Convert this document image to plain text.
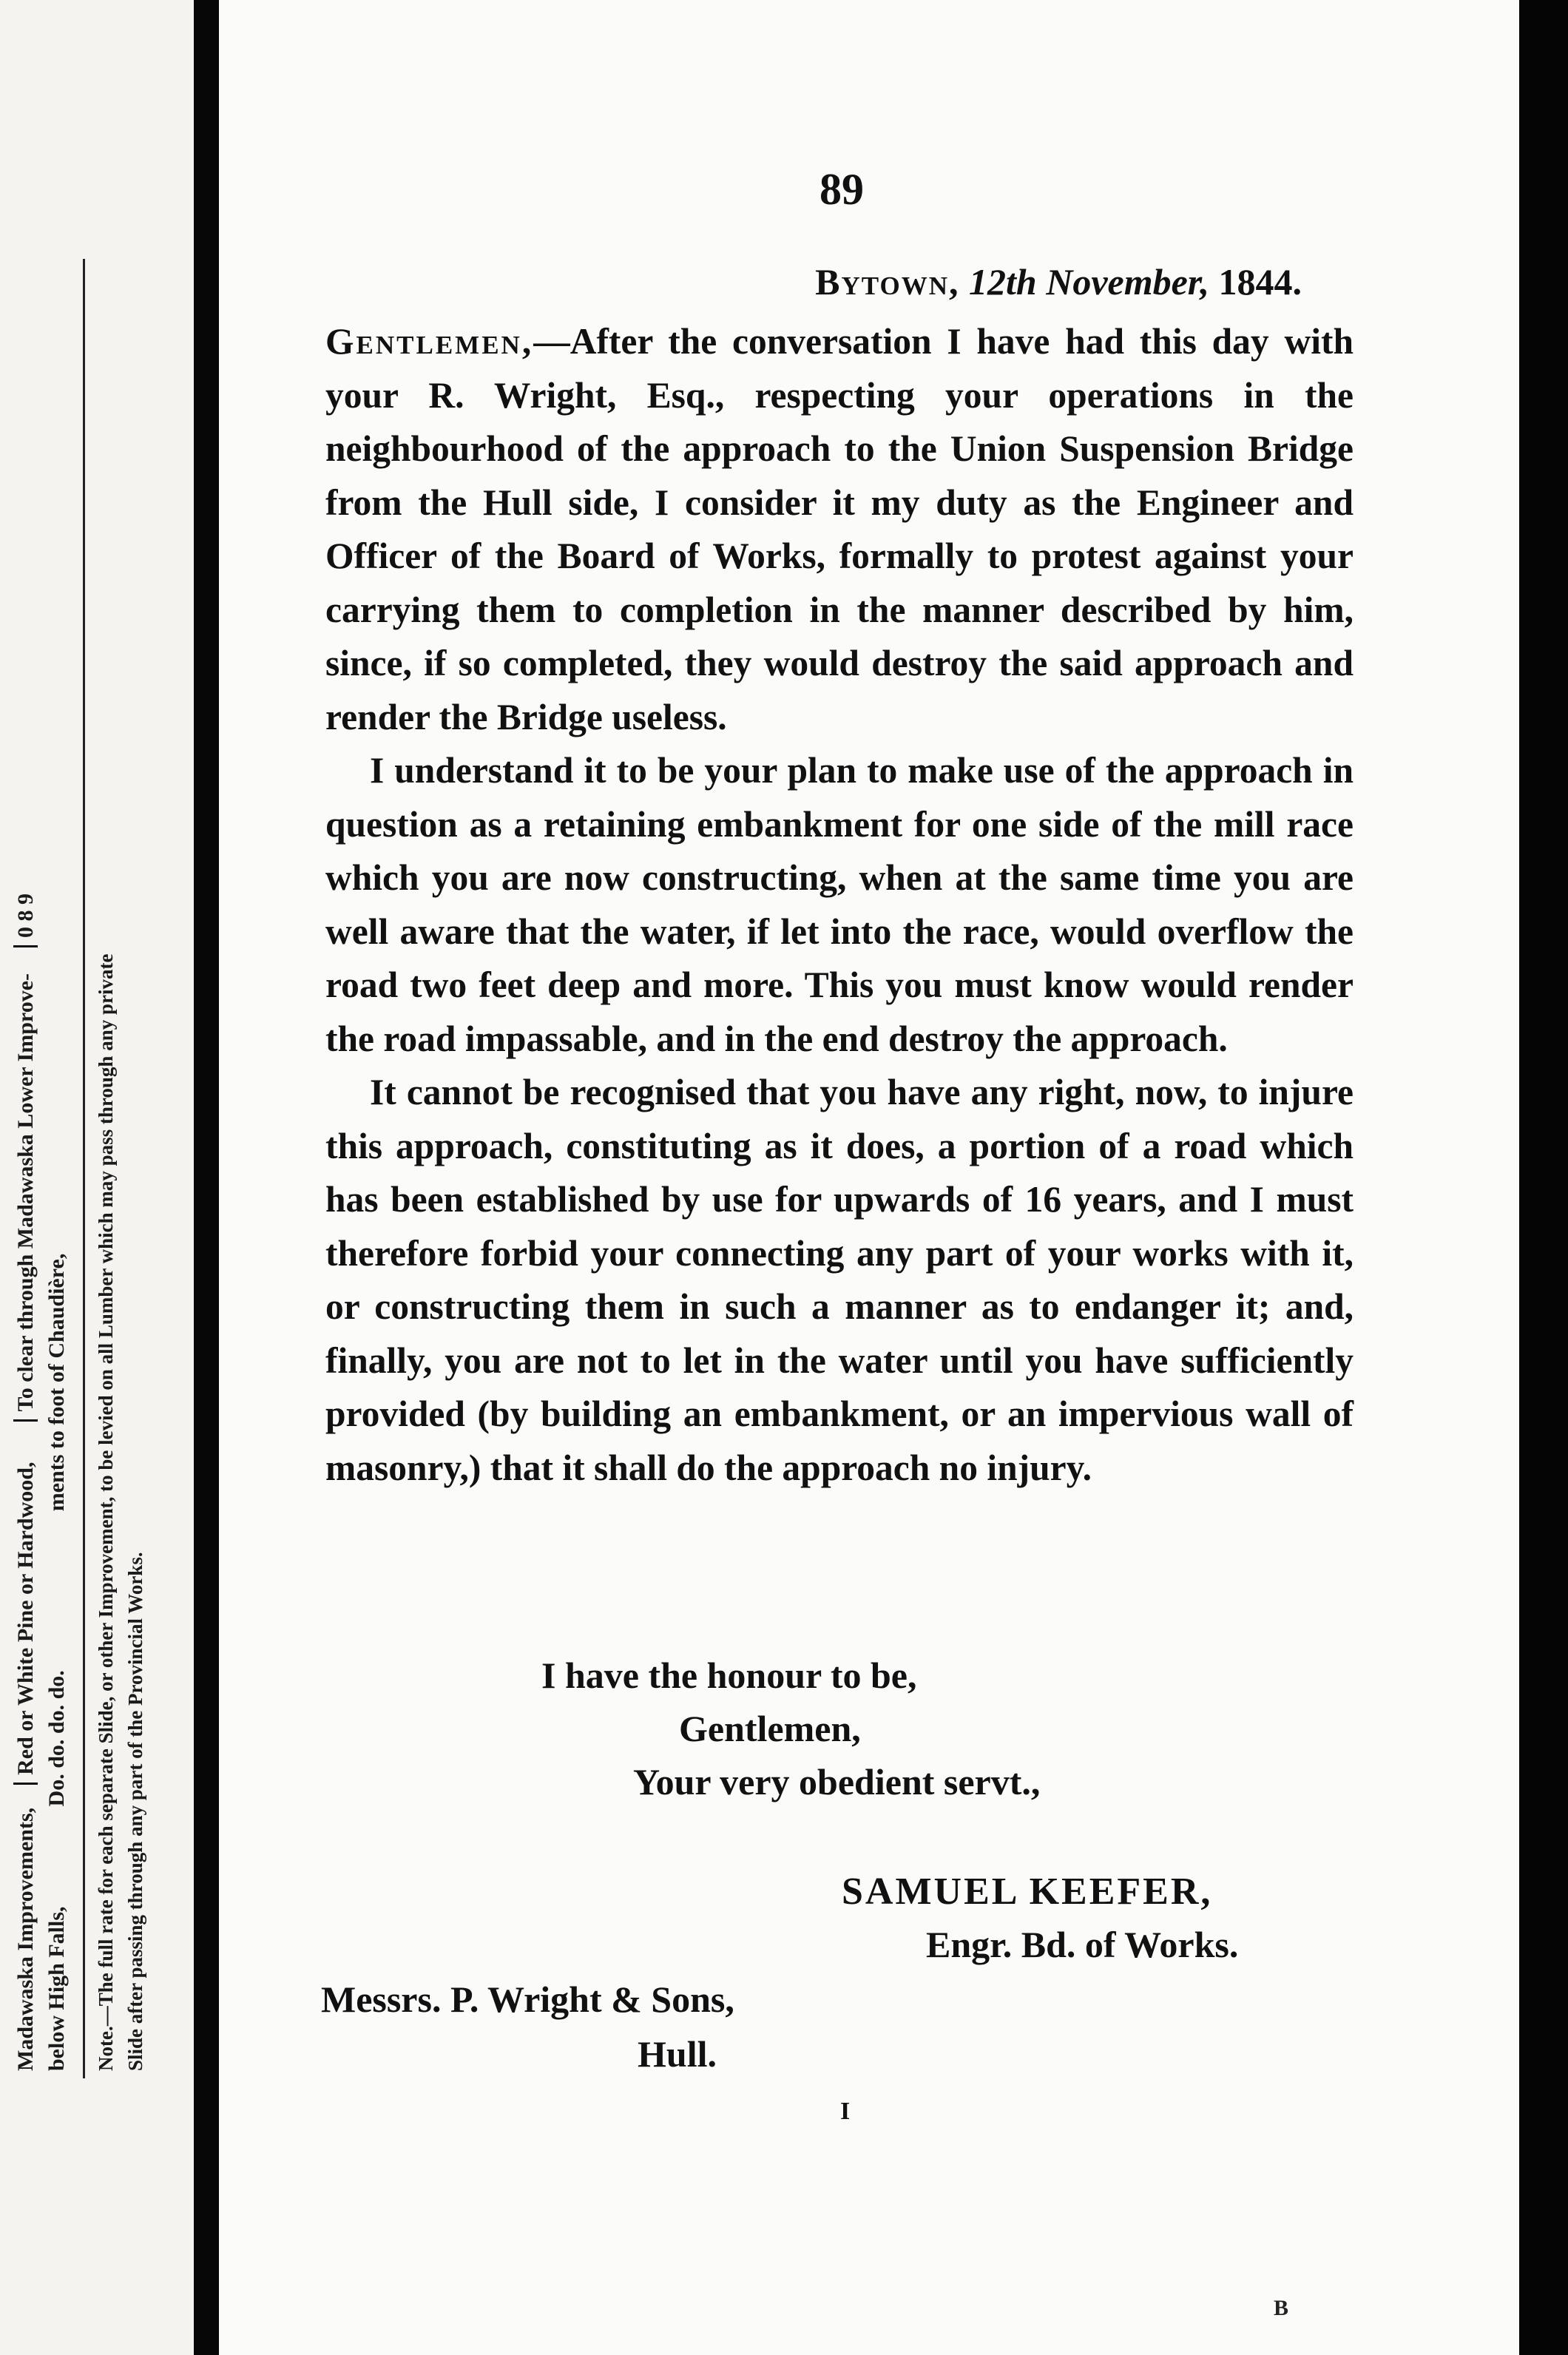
Madawaska Improvements,  Red or White Pine or Hardwood,  To clear through Madawaska Lower Improve-  0 8 9
below High Falls,  Do. do. do. do.  ments to foot of Chaudière, Note.—The full rate for each separate Slide, or other Improvement, to be levied on all Lumber which may pass through any private Slide after passing through any part of the Provincial Works.
89
Bytown, 12th November, 1844.

Gentlemen,—After the conversation I have had this day with your R. Wright, Esq., respecting your operations in the neighbourhood of the approach to the Union Suspension Bridge from the Hull side, I consider it my duty as the Engineer and Officer of the Board of Works, formally to protest against your carrying them to completion in the manner described by him, since, if so completed, they would destroy the said approach and render the Bridge useless.

I understand it to be your plan to make use of the approach in question as a retaining embankment for one side of the mill race which you are now constructing, when at the same time you are well aware that the water, if let into the race, would overflow the road two feet deep and more. This you must know would render the road impassable, and in the end destroy the approach.

It cannot be recognised that you have any right, now, to injure this approach, constituting as it does, a portion of a road which has been established by use for upwards of 16 years, and I must therefore forbid your connecting any part of your works with it, or constructing them in such a manner as to endanger it; and, finally, you are not to let in the water until you have sufficiently provided (by building an embankment, or an impervious wall of masonry,) that it shall do the approach no injury.

I have the honour to be,
Gentlemen,
Your very obedient servt.,
SAMUEL KEEFER,
Engr. Bd. of Works.
Messrs. P. Wright & Sons,
Hull.
I
B
